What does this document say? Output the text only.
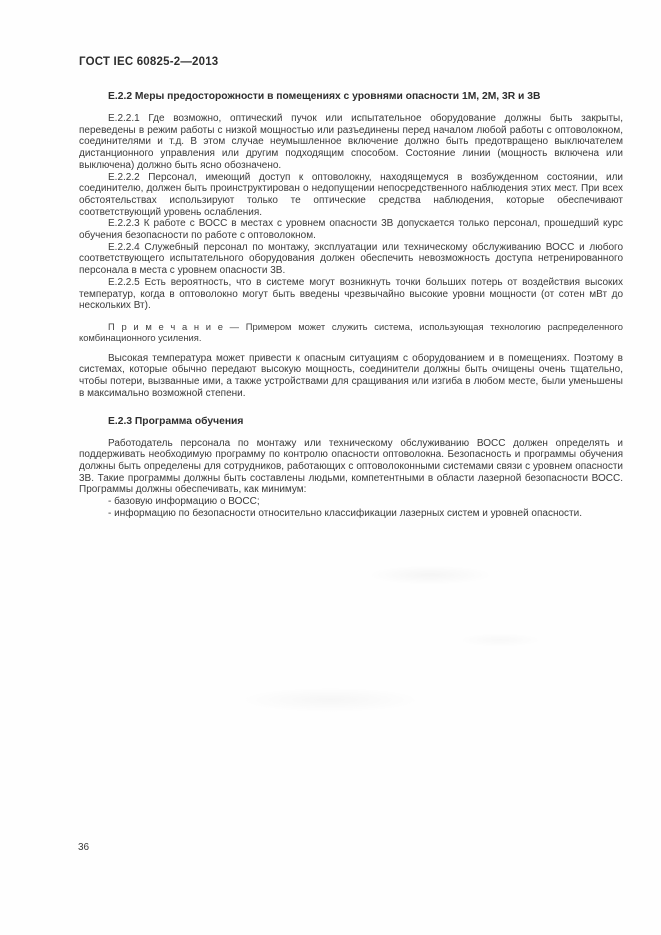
ГОСТ IEC 60825-2—2013
Е.2.2 Меры предосторожности в помещениях с уровнями опасности 1М, 2М, 3R и 3В

Е.2.2.1 Где возможно, оптический пучок или испытательное оборудование должны быть закрыты, переведены в режим работы с низкой мощностью или разъединены перед началом любой работы с оптоволокном, соединителями и т.д. В этом случае неумышленное включение должно быть предотвращено выключателем дистанционного управления или другим подходящим способом. Состояние линии (мощность включена или выключена) должно быть ясно обозначено.

Е.2.2.2 Персонал, имеющий доступ к оптоволокну, находящемуся в возбужденном состоянии, или соединителю, должен быть проинструктирован о недопущении непосредственного наблюдения этих мест. При всех обстоятельствах использируют только те оптические средства наблюдения, которые обеспечивают соответствующий уровень ослабления.

Е.2.2.3 К работе с ВОСС в местах с уровнем опасности 3В допускается только персонал, прошедший курс обучения безопасности по работе с оптоволокном.

Е.2.2.4 Служебный персонал по монтажу, эксплуатации или техническому обслуживанию ВОСС и любого соответствующего испытательного оборудования должен обеспечить невозможность доступа нетренированного персонала в места с уровнем опасности 3В.

Е.2.2.5 Есть вероятность, что в системе могут возникнуть точки больших потерь от воздействия высоких температур, когда в оптоволокно могут быть введены чрезвычайно высокие уровни мощности (от сотен мВт до нескольких Вт).

П р и м е ч а н и е — Примером может служить система, использующая технологию распределенного комбинационного усиления.

Высокая температура может привести к опасным ситуациям с оборудованием и в помещениях. Поэтому в системах, которые обычно передают высокую мощность, соединители должны быть очищены очень тщательно, чтобы потери, вызванные ими, а также устройствами для сращивания или изгиба в любом месте, были уменьшены в максимально возможной степени.

Е.2.3 Программа обучения

Работодатель персонала по монтажу или техническому обслуживанию ВОСС должен определять и поддерживать необходимую программу по контролю опасности оптоволокна. Безопасность и программы обучения должны быть определены для сотрудников, работающих с оптоволоконными системами связи с уровнем опасности 3В. Такие программы должны быть составлены людьми, компетентными в области лазерной безопасности ВОСС. Программы должны обеспечивать, как минимум:

- базовую информацию о ВОСС;

- информацию по безопасности относительно классификации лазерных систем и уровней опасности.

36
